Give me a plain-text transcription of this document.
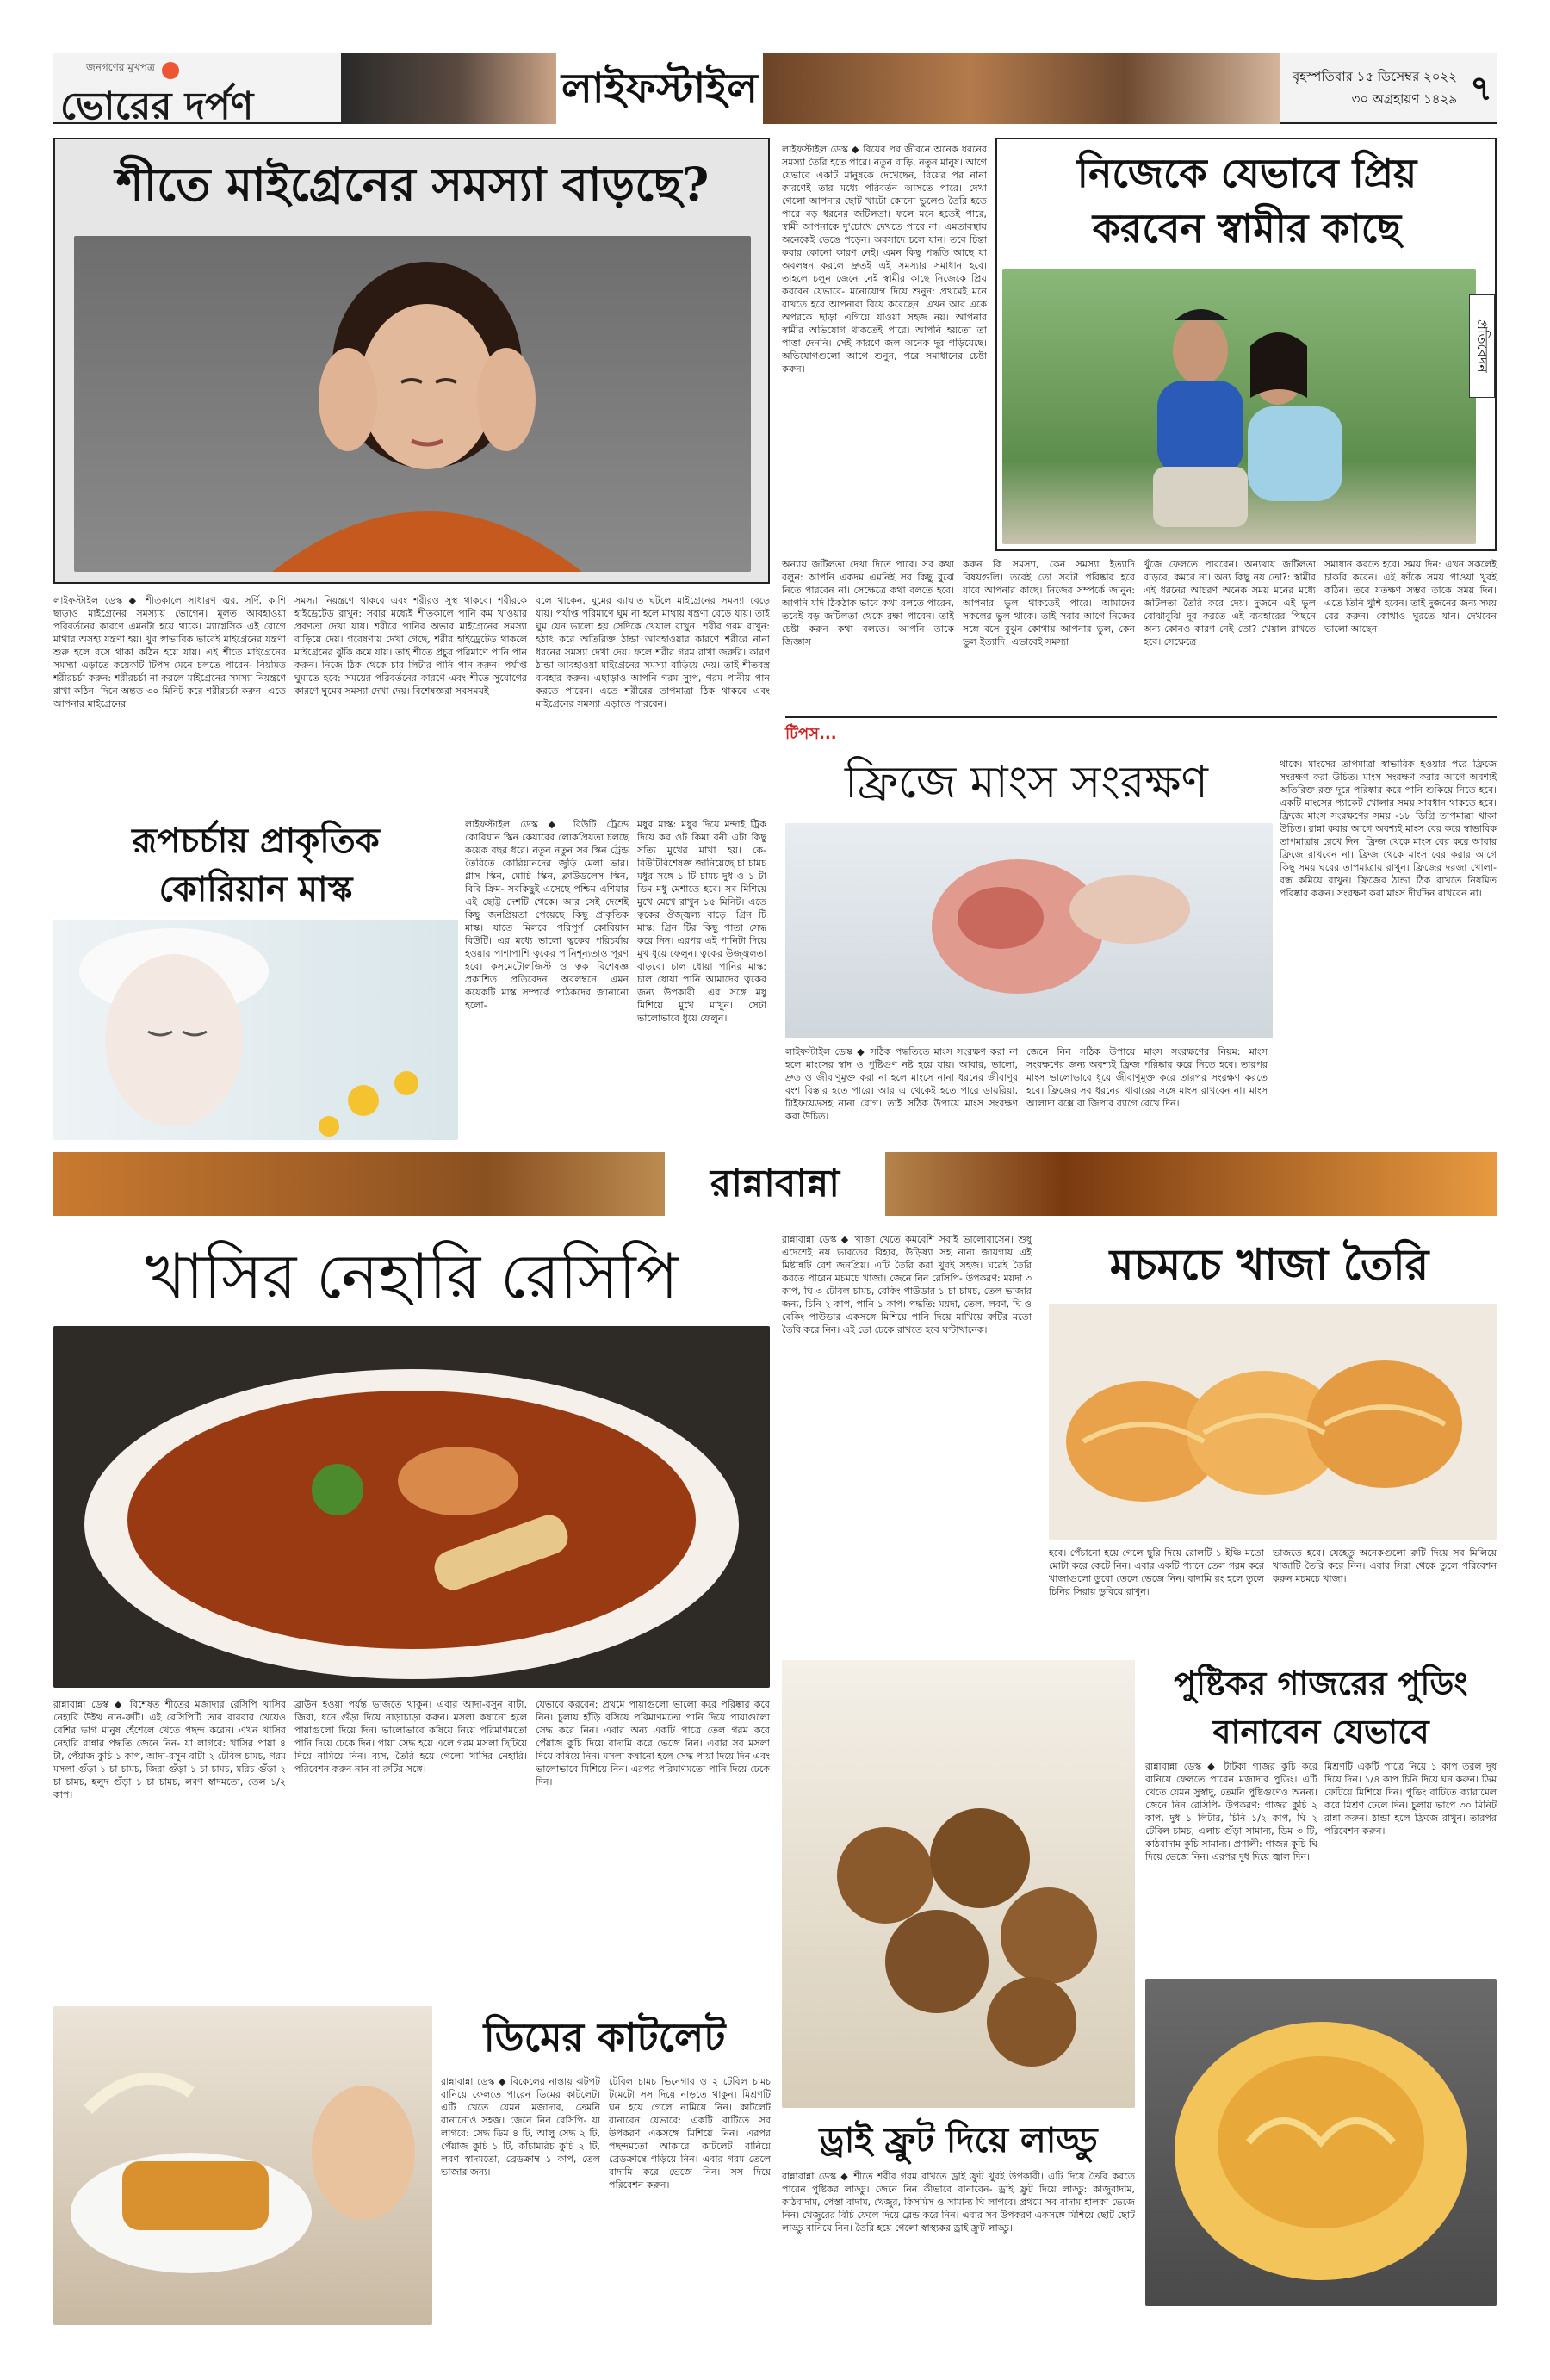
জনগণের মুখপত্র
ভোরের দর্পণ	লাইফস্টাইল	বৃহস্পতিবার ১৫ ডিসেম্বর ২০২২
৩০ অগ্রহায়ণ ১৪২৯ ৭
শীতে মাইগ্রেনের সমস্যা বাড়ছে?
লাইফস্টাইল ডেস্ক ◆ শীতকালে সাধারণ জ্বর, সর্দি, কাশি ছাড়াও মাইগ্রেনের সমস্যায় ভোগেন। মূলত আবহাওয়া পরিবর্তনের কারণে এমনটা হয়ে থাকে। ম্যাগ্নেসিক এই রোগে মাথার অসহ্য যন্ত্রণা হয়। খুব স্বাভাবিক ভাবেই মাইগ্রেনের যন্ত্রণা শুরু হলে বসে থাকা কঠিন হয়ে যায়। এই শীতে মাইগ্রেনের সমস্যা এড়াতে কয়েকটি টিপস মেনে চলতে পারেন- নিয়মিত শরীরচর্চা করুন: শরীরচর্চা না করলে মাইগ্রেনের সমস্যা নিয়ন্ত্রণে রাখা কঠিন। দিনে অন্তত ৩০ মিনিট করে শরীরচর্চা করুন। এতে আপনার মাইগ্রেনের
সমস্যা নিয়ন্ত্রণে থাকবে এবং শরীরও সুস্থ থাকবে। শরীরকে হাইড্রেটেড রাখুন: সবার মধ্যেই শীতকালে পানি কম খাওয়ার প্রবণতা দেখা যায়। শরীরে পানির অভাব মাইগ্রেনের সমস্যা বাড়িয়ে দেয়। গবেষণায় দেখা গেছে, শরীর হাইড্রেটেড থাকলে মাইগ্রেনের ঝুঁকি কমে যায়। তাই শীতে প্রচুর পরিমাণে পানি পান করুন। নিজে ঠিক থেকে চার লিটার পানি পান করুন। পর্যাপ্ত ঘুমাতে হবে: সময়ের পরিবর্তনের কারণে এবং শীতে সুযোগের কারণে ঘুমের সমস্যা দেখা দেয়। বিশেষজ্ঞরা সবসময়ই
বলে থাকেন, ঘুমের ব্যাঘাত ঘটলে মাইগ্রেনের সমস্যা বেড়ে যায়। পর্যাপ্ত পরিমাণে ঘুম না হলে মাথায় যন্ত্রণা বেড়ে যায়। তাই ঘুম যেন ভালো হয় সেদিকে খেয়াল রাখুন। শরীর গরম রাখুন: হঠাৎ করে অতিরিক্ত ঠান্ডা আবহাওয়ার কারণে শরীরে নানা ধরনের সমস্যা দেখা দেয়। ফলে শরীর গরম রাখা জরুরি। কারণ ঠান্ডা আবহাওয়া মাইগ্রেনের সমস্যা বাড়িয়ে দেয়। তাই শীতবস্ত্র ব্যবহার করুন। এছাড়াও আপনি গরম স্যুপ, গরম পানীয় পান করতে পারেন। এতে শরীরের তাপমাত্রা ঠিক থাকবে এবং মাইগ্রেনের সমস্যা এড়াতে পারবেন।
লাইফস্টাইল ডেস্ক ◆ বিয়ের পর জীবনে অনেক ধরনের সমস্যা তৈরি হতে পারে। নতুন বাড়ি, নতুন মানুষ। আগে যেভাবে একটি মানুষকে দেখেছেন, বিয়ের পর নানা কারণেই তার মধ্যে পরিবর্তন আসতে পারে। দেখা গেলো আপনার ছোট খাটো কোনো ভুলেও তৈরি হতে পারে বড় ধরনের জটিলতা। ফলে মনে হতেই পারে, স্বামী আপনাকে দু'চোখে দেখতে পারে না। এমতাবস্থায় অনেকেই ভেঙে পড়েন। অবসাদে চলে যান। তবে চিন্তা করার কোনো কারণ নেই। এমন কিছু পদ্ধতি আছে যা অবলম্বন করলে দ্রুতই এই সমস্যার সমাধান হবে। তাহলে চলুন জেনে নেই স্বামীর কাছে নিজেকে প্রিয় করবেন যেভাবে- মনোযোগ দিয়ে শুনুন: প্রথমেই মনে রাখতে হবে আপনারা বিয়ে করেছেন। এখন আর একে অপরকে ছাড়া এগিয়ে যাওয়া সহজ নয়। আপনার স্বামীর অভিযোগ থাকতেই পারে। আপনি হয়তো তা পাত্তা দেননি। সেই কারণে জল অনেক দূর গড়িয়েছে। অভিযোগগুলো আগে শুনুন, পরে সমাধানের চেষ্টা করুন।
নিজেকে যেভাবে প্রিয়
করবেন স্বামীর কাছে
প্রতিবেদন
অন্যায় জটিলতা দেখা দিতে পারে। সব কথা বলুন: আপনি একদম এমনিই সব কিছু বুঝে নিতে পারবেন না। সেক্ষেত্রে কথা বলতে হবে। আপনি যদি ঠিকঠাক ভাবে কথা বলতে পারেন, তবেই বড় জটিলতা থেকে রক্ষা পাবেন। তাই চেষ্টা করুন কথা বলতে। আপনি তাকে জিজ্ঞাস
করুন কি সমস্যা, কেন সমস্যা ইত্যাদি বিষয়গুলি। তবেই তো সবটা পরিষ্কার হবে যাবে আপনার কাছে। নিজের সম্পর্কে জানুন: আপনার ভুল থাকতেই পারে। আমাদের সকলের ভুল থাকে। তাই সবার আগে নিজের সঙ্গে বসে বুঝুন কোথায় আপনার ভুল, কেন ভুল ইত্যাদি। এভাবেই সমস্যা
খুঁজে ফেলতে পারবেন। অন্যথায় জটিলতা বাড়বে, কমবে না। অন্য কিছু নয় তো?: স্বামীর এই ধরনের আচরণ অনেক সময় মনের মধ্যে জটিলতা তৈরি করে দেয়। দুজনে এই ভুল বোঝাবুঝি দূর করতে এই ব্যবহারের পিছনে অন্য কোনও কারণ নেই তো? খেয়াল রাখতে হবে। সেক্ষেত্রে
সমাধান করতে হবে। সময় দিন: এখন সকলেই চাকরি করেন। এই ফাঁকে সময় পাওয়া খুবই কঠিন। তবে যতক্ষণ সম্ভব তাকে সময় দিন। এতে তিনি খুশি হবেন। তাই দুজনের জন্য সময় বের করুন। কোথাও ঘুরতে যান। দেখবেন ভালো আছেন।
রূপচর্চায় প্রাকৃতিক
কোরিয়ান মাস্ক
লাইফস্টাইল ডেস্ক ◆ বিউটি ট্রেন্ডে কোরিয়ান স্কিন কেয়ারের লোকপ্রিয়তা চলছে কয়েক বছর ধরে। নতুন নতুন সব স্কিন ট্রেন্ড তৈরিতে কোরিয়ানদের জুড়ি মেলা ভার। গ্লাস স্কিন, মোচি স্কিন, ক্লাউডলেস স্কিন, বিবি ক্রিম- সবকিছুই এসেছে পশ্চিম এশিয়ার এই ছোট্ট দেশটি থেকে। আর সেই দেশেই কিছু জনপ্রিয়তা পেয়েছে কিছু প্রাকৃতিক মাস্ক। যাতে মিলবে পরিপূর্ণ কোরিয়ান বিউটি। এর মধ্যে ভালো ত্বকের পরিচর্যায় হওয়ার পাশাপাশি ত্বকের পানিশূন্যতাও পূরণ হবে। কসমেটোলজিস্ট ও ত্বক বিশেষজ্ঞ প্রকাশিত প্রতিবেদন অবলম্বনে এমন কয়েকটি মাস্ক সম্পর্কে পাঠকদের জানানো হলো-
মধুর মাস্ক: মধুর দিয়ে মন্দাই ট্রিক দিয়ে কর ওট কিমা বনী এটা কিছু সত্যি মুখের মাখা হয়। কে-বিউটিবিশেষজ্ঞ জানিয়েছে চা চামচ মধুর সঙ্গে ১ টি চামচ দুধ ও ১ টা ডিম মধু মেশাতে হবে। সব মিশিয়ে মুখে মেখে রাখুন ১৫ মিনিট। এতে ত্বকের ঔজ্জ্বল্য বাড়ে। গ্রিন টি মাস্ক: গ্রিন টির কিছু পাতা সেদ্ধ করে নিন। এরপর এই পানিটা দিয়ে মুখ ধুয়ে ফেলুন। ত্বকের উজ্জ্বলতা বাড়বে। চাল ধোয়া পানির মাস্ক: চাল ধোয়া পানি আমাদের ত্বকের জন্য উপকারী। এর সঙ্গে মধু মিশিয়ে মুখে মাখুন। সেটা ভালোভাবে ধুয়ে ফেলুন।
টিপস...
ফ্রিজে মাংস সংরক্ষণ
লাইফস্টাইল ডেস্ক ◆ সঠিক পদ্ধতিতে মাংস সংরক্ষণ করা না হলে মাংসের স্বাদ ও পুষ্টিগুণ নষ্ট হয়ে যায়। আবার, ভালো, দ্রুত ও জীবাণুমুক্ত করা না হলে মাংসে নানা ধরনের জীবাণুর বংশ বিস্তার হতে পারে। আর এ থেকেই হতে পারে ডায়রিয়া, টাইফয়েডসহ নানা রোগ। তাই সঠিক উপায়ে মাংস সংরক্ষণ করা উচিত।
জেনে নিন সঠিক উপায়ে মাংস সংরক্ষণের নিয়ম: মাংস সংরক্ষণের জন্য অবশ্যই ফ্রিজ পরিষ্কার করে নিতে হবে। তারপর মাংস ভালোভাবে ধুয়ে জীবাণুমুক্ত করে তারপর সংরক্ষণ করতে হবে। ফ্রিজের সব ধরনের খাবারের সঙ্গে মাংস রাখবেন না। মাংস আলাদা বক্সে বা জিপার ব্যাগে রেখে দিন।
থাকে। মাংসের তাপমাত্রা স্বাভাবিক হওয়ার পরে ফ্রিজে সংরক্ষণ করা উচিত। মাংস সংরক্ষণ করার আগে অবশ্যই অতিরিক্ত রক্ত দূরে পরিষ্কার করে পানি শুকিয়ে নিতে হবে। একটি মাংসের প্যাকেট খোলার সময় সাবধান থাকতে হবে। ফ্রিজে মাংস সংরক্ষণের সময় -১৮ ডিগ্রি তাপমাত্রা থাকা উচিত। রান্না করার আগে অবশ্যই মাংস বের করে স্বাভাবিক তাপমাত্রায় রেখে দিন। ফ্রিজ থেকে মাংস বের করে আবার ফ্রিজে রাখবেন না। ফ্রিজ থেকে মাংস বের করার আগে কিছু সময় ঘরের তাপমাত্রায় রাখুন। ফ্রিজের দরজা খোলা-বন্ধ কমিয়ে রাখুন। ফ্রিজের ঠান্ডা ঠিক রাখতে নিয়মিত পরিষ্কার করুন। সংরক্ষণ করা মাংস দীর্ঘদিন রাখবেন না।
রান্নাবান্না
খাসির নেহারি রেসিপি
রান্নাবান্না ডেস্ক ◆ বিশেষত শীতের মজাদার রেসিপি খাসির নেহারি উইথ নান-রুটি। এই রেসিপিটি তার বারবার খেয়েও বেশির ভাগ মানুষ হেঁশেলে খেতে পছন্দ করেন। এখন খাসির নেহারি রান্নার পদ্ধতি জেনে নিন- যা লাগবে: খাসির পায়া ৪ টা, পেঁয়াজ কুচি ১ কাপ, আদা-রসুন বাটা ২ টেবিল চামচ, গরম মসলা গুঁড়া ১ চা চামচ, জিরা গুঁড়া ১ চা চামচ, মরিচ গুঁড়া ২ চা চামচ, হলুদ গুঁড়া ১ চা চামচ, লবণ স্বাদমতো, তেল ১/২ কাপ।
ব্রাউন হওয়া পর্যন্ত ভাজতে থাকুন। এবার আদা-রসুন বাটা, জিরা, ধনে গুঁড়া দিয়ে নাড়াচাড়া করুন। মসলা কষানো হলে পায়াগুলো দিয়ে দিন। ভালোভাবে কষিয়ে নিয়ে পরিমাণমতো পানি দিয়ে ঢেকে দিন। পায়া সেদ্ধ হয়ে এলে গরম মসলা ছিটিয়ে দিয়ে নামিয়ে নিন। ব্যস, তৈরি হয়ে গেলো খাসির নেহারি। পরিবেশন করুন নান বা রুটির সঙ্গে।
যেভাবে করবেন: প্রথমে পায়াগুলো ভালো করে পরিষ্কার করে নিন। চুলায় হাঁড়ি বসিয়ে পরিমাণমতো পানি দিয়ে পায়াগুলো সেদ্ধ করে নিন। এবার অন্য একটি পাত্রে তেল গরম করে পেঁয়াজ কুচি দিয়ে বাদামি করে ভেজে নিন। এবার সব মসলা দিয়ে কষিয়ে নিন। মসলা কষানো হলে সেদ্ধ পায়া দিয়ে দিন এবং ভালোভাবে মিশিয়ে নিন। এরপর পরিমাণমতো পানি দিয়ে ঢেকে দিন।
রান্নাবান্না ডেস্ক ◆ খাজা খেতে কমবেশি সবাই ভালোবাসেন। শুধু এদেশেই নয় ভারতের বিহার, উড়িষ্যা সহ নানা জায়গায় এই মিষ্টান্নটি বেশ জনপ্রিয়। এটি তৈরি করা খুবই সহজ। ঘরেই তৈরি করতে পারেন মচমচে খাজা। জেনে নিন রেসিপি- উপকরণ: ময়দা ৩ কাপ, ঘি ৩ টেবিল চামচ, বেকিং পাউডার ১ চা চামচ, তেল ভাজার জন্য, চিনি ২ কাপ, পানি ১ কাপ। পদ্ধতি: ময়দা, তেল, লবণ, ঘি ও বেকিং পাউডার একসঙ্গে মিশিয়ে পানি দিয়ে মাখিয়ে রুটির মতো তৈরি করে নিন। এই ডো ঢেকে রাখতে হবে ঘণ্টাখানেক।
মচমচে খাজা তৈরি
হবে। পেঁচানো হয়ে গেলে ছুরি দিয়ে রোলটি ১ ইঞ্চি মতো মোটা করে কেটে নিন। এবার একটি প্যানে তেল গরম করে খাজাগুলো ডুবো তেলে ভেজে নিন। বাদামি রং হলে তুলে চিনির সিরায় ডুবিয়ে রাখুন।
ভাজতে হবে। যেহেতু অনেকগুলো রুটি দিয়ে সব মিলিয়ে খাজাটি তৈরি করে নিন। এবার সিরা থেকে তুলে পরিবেশন করুন মচমচে খাজা।
ড্রাই ফ্রুট দিয়ে লাড্ডু
পুষ্টিকর গাজরের পুডিং
বানাবেন যেভাবে
রান্নাবান্না ডেস্ক ◆ টাটকা গাজর কুচি করে বানিয়ে ফেলতে পারেন মজাদার পুডিং। এটি খেতে যেমন সুস্বাদু, তেমনি পুষ্টিগুণেও অনন্য। জেনে নিন রেসিপি- উপকরণ: গাজর কুচি ২ কাপ, দুধ ১ লিটার, চিনি ১/২ কাপ, ঘি ২ টেবিল চামচ, এলাচ গুঁড়া সামান্য, ডিম ৩ টি, কাঠবাদাম কুচি সামান্য। প্রণালী: গাজর কুচি ঘি দিয়ে ভেজে নিন। এরপর দুধ দিয়ে জ্বাল দিন।
মিশ্রণটি একটি পাত্রে নিয়ে ১ কাপ তরল দুধ দিয়ে দিন। ১/৪ কাপ চিনি দিয়ে ঘন করুন। ডিম ফেটিয়ে মিশিয়ে দিন। পুডিং বাটিতে ক্যারামেল করে মিশ্রণ ঢেলে দিন। চুলায় ভাপে ৩০ মিনিট রান্না করুন। ঠান্ডা হলে ফ্রিজে রাখুন। তারপর পরিবেশন করুন।
ডিমের কাটলেট
রান্নাবান্না ডেস্ক ◆ বিকেলের নাস্তায় ঝটপট বানিয়ে ফেলতে পারেন ডিমের কাটলেট। এটি খেতে যেমন মজাদার, তেমনি বানানোও সহজ। জেনে নিন রেসিপি- যা লাগবে: সেদ্ধ ডিম ৪ টি, আলু সেদ্ধ ২ টি, পেঁয়াজ কুচি ১ টি, কাঁচামরিচ কুচি ২ টি, লবণ স্বাদমতো, ব্রেডক্রাম্ব ১ কাপ, তেল ভাজার জন্য।
টেবিল চামচ ভিনেগার ও ২ টেবিল চামচ টমেটো সস দিয়ে নাড়তে থাকুন। মিশ্রণটি ঘন হয়ে গেলে নামিয়ে নিন। কাটলেট বানাবেন যেভাবে: একটি বাটিতে সব উপকরণ একসঙ্গে মিশিয়ে নিন। এরপর পছন্দমতো আকারে কাটলেট বানিয়ে ব্রেডক্রাম্বে গড়িয়ে নিন। এবার গরম তেলে বাদামি করে ভেজে নিন। সস দিয়ে পরিবেশন করুন।
রান্নাবান্না ডেস্ক ◆ শীতে শরীর গরম রাখতে ড্রাই ফ্রুট খুবই উপকারী। এটি দিয়ে তৈরি করতে পারেন পুষ্টিকর লাড্ডু। জেনে নিন কীভাবে বানাবেন- ড্রাই ফ্রুট দিয়ে লাড্ডু: কাজুবাদাম, কাঠবাদাম, পেস্তা বাদাম, খেজুর, কিসমিস ও সামান্য ঘি লাগবে। প্রথমে সব বাদাম হালকা ভেজে নিন। খেজুরের বিচি ফেলে দিয়ে ব্লেন্ড করে নিন। এবার সব উপকরণ একসঙ্গে মিশিয়ে ছোট ছোট লাড্ডু বানিয়ে নিন। তৈরি হয়ে গেলো স্বাস্থ্যকর ড্রাই ফ্রুট লাড্ডু।
